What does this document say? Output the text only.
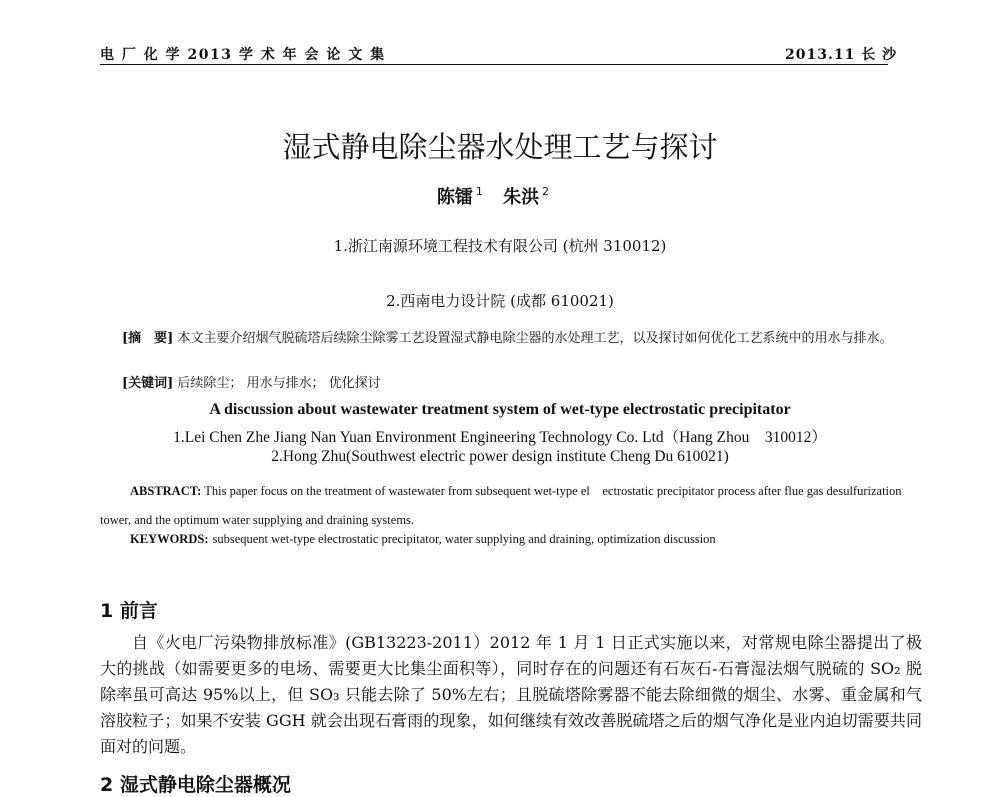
电 厂 化 学 2013 学 术 年 会 论 文 集	2013.11 长 沙
湿式静电除尘器水处理工艺与探讨
陈镭 $^1$ 朱洪 $^2$
1.浙江南源环境工程技术有限公司 (杭州 310012)
2.西南电力设计院 (成都 610021)

[摘　要] 本文主要介绍烟气脱硫塔后续除尘除雾工艺设置湿式静电除尘器的水处理工艺，以及探讨如何优化工艺系统中的用水与排水。

[关键词] 后续除尘； 用水与排水； 优化探讨
A discussion about wastewater treatment system of wet-type electrostatic precipitator
1.Lei Chen Zhe Jiang Nan Yuan Environment Engineering Technology Co. Ltd（Hang Zhou　310012）
2.Hong Zhu(Southwest electric power design institute Cheng Du 610021)

ABSTRACT: This paper focus on the treatment of wastewater from subsequent wet-type el　ectrostatic precipitator process after flue gas desulfurization tower, and the optimum water supplying and draining systems.

KEYWORDS: subsequent wet-type electrostatic precipitator, water supplying and draining, optimization discussion
1 前言

自《火电厂污染物排放标准》(GB13223-2011）2012 年 1 月 1 日正式实施以来，对常规电除尘器提出了极大的挑战（如需要更多的电场、需要更大比集尘面积等），同时存在的问题还有石灰石-石膏湿法烟气脱硫的 SO₂ 脱除率虽可高达 95%以上，但 SO₃ 只能去除了 50%左右；且脱硫塔除雾器不能去除细微的烟尘、水雾、重金属和气溶胶粒子；如果不安装 GGH 就会出现石膏雨的现象，如何继续有效改善脱硫塔之后的烟气净化是业内迫切需要共同面对的问题。

2 湿式静电除尘器概况
